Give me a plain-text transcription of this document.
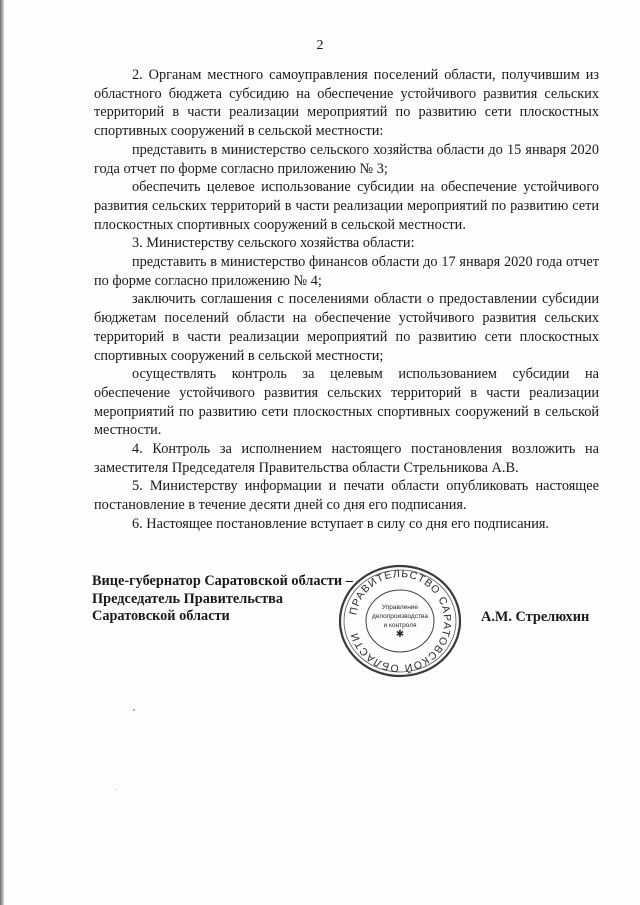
2

2. Органам местного самоуправления поселений области, получившим из областного бюджета субсидию на обеспечение устойчивого развития сельских территорий в части реализации мероприятий по развитию сети плоскостных спортивных сооружений в сельской местности:

представить в министерство сельского хозяйства области до 15 января 2020 года отчет по форме согласно приложению № 3;

обеспечить целевое использование субсидии на обеспечение устойчивого развития сельских территорий в части реализации мероприятий по развитию сети плоскостных спортивных сооружений в сельской местности.

3. Министерству сельского хозяйства области:

представить в министерство финансов области до 17 января 2020 года отчет по форме согласно приложению № 4;

заключить соглашения с поселениями области о предоставлении субсидии бюджетам поселений области на обеспечение устойчивого развития сельских территорий в части реализации мероприятий по развитию сети плоскостных спортивных сооружений в сельской местности;

осуществлять контроль за целевым использованием субсидии на обеспечение устойчивого развития сельских территорий в части реализации мероприятий по развитию сети плоскостных спортивных сооружений в сельской местности.

4. Контроль за исполнением настоящего постановления возложить на заместителя Председателя Правительства области Стрельникова А.В.

5. Министерству информации и печати области опубликовать настоящее постановление в течение десяти дней со дня его подписания.

6. Настоящее постановление вступает в силу со дня его подписания.

Вице-губернатор Саратовской области –
Председатель Правительства
Саратовской области	ПРАВИТЕЛЬСТВО САРАТОВСКОЙ ОБЛАСТИ
Управление
делопроизводства
и контроля
✱
А.М. Стрелюхин
